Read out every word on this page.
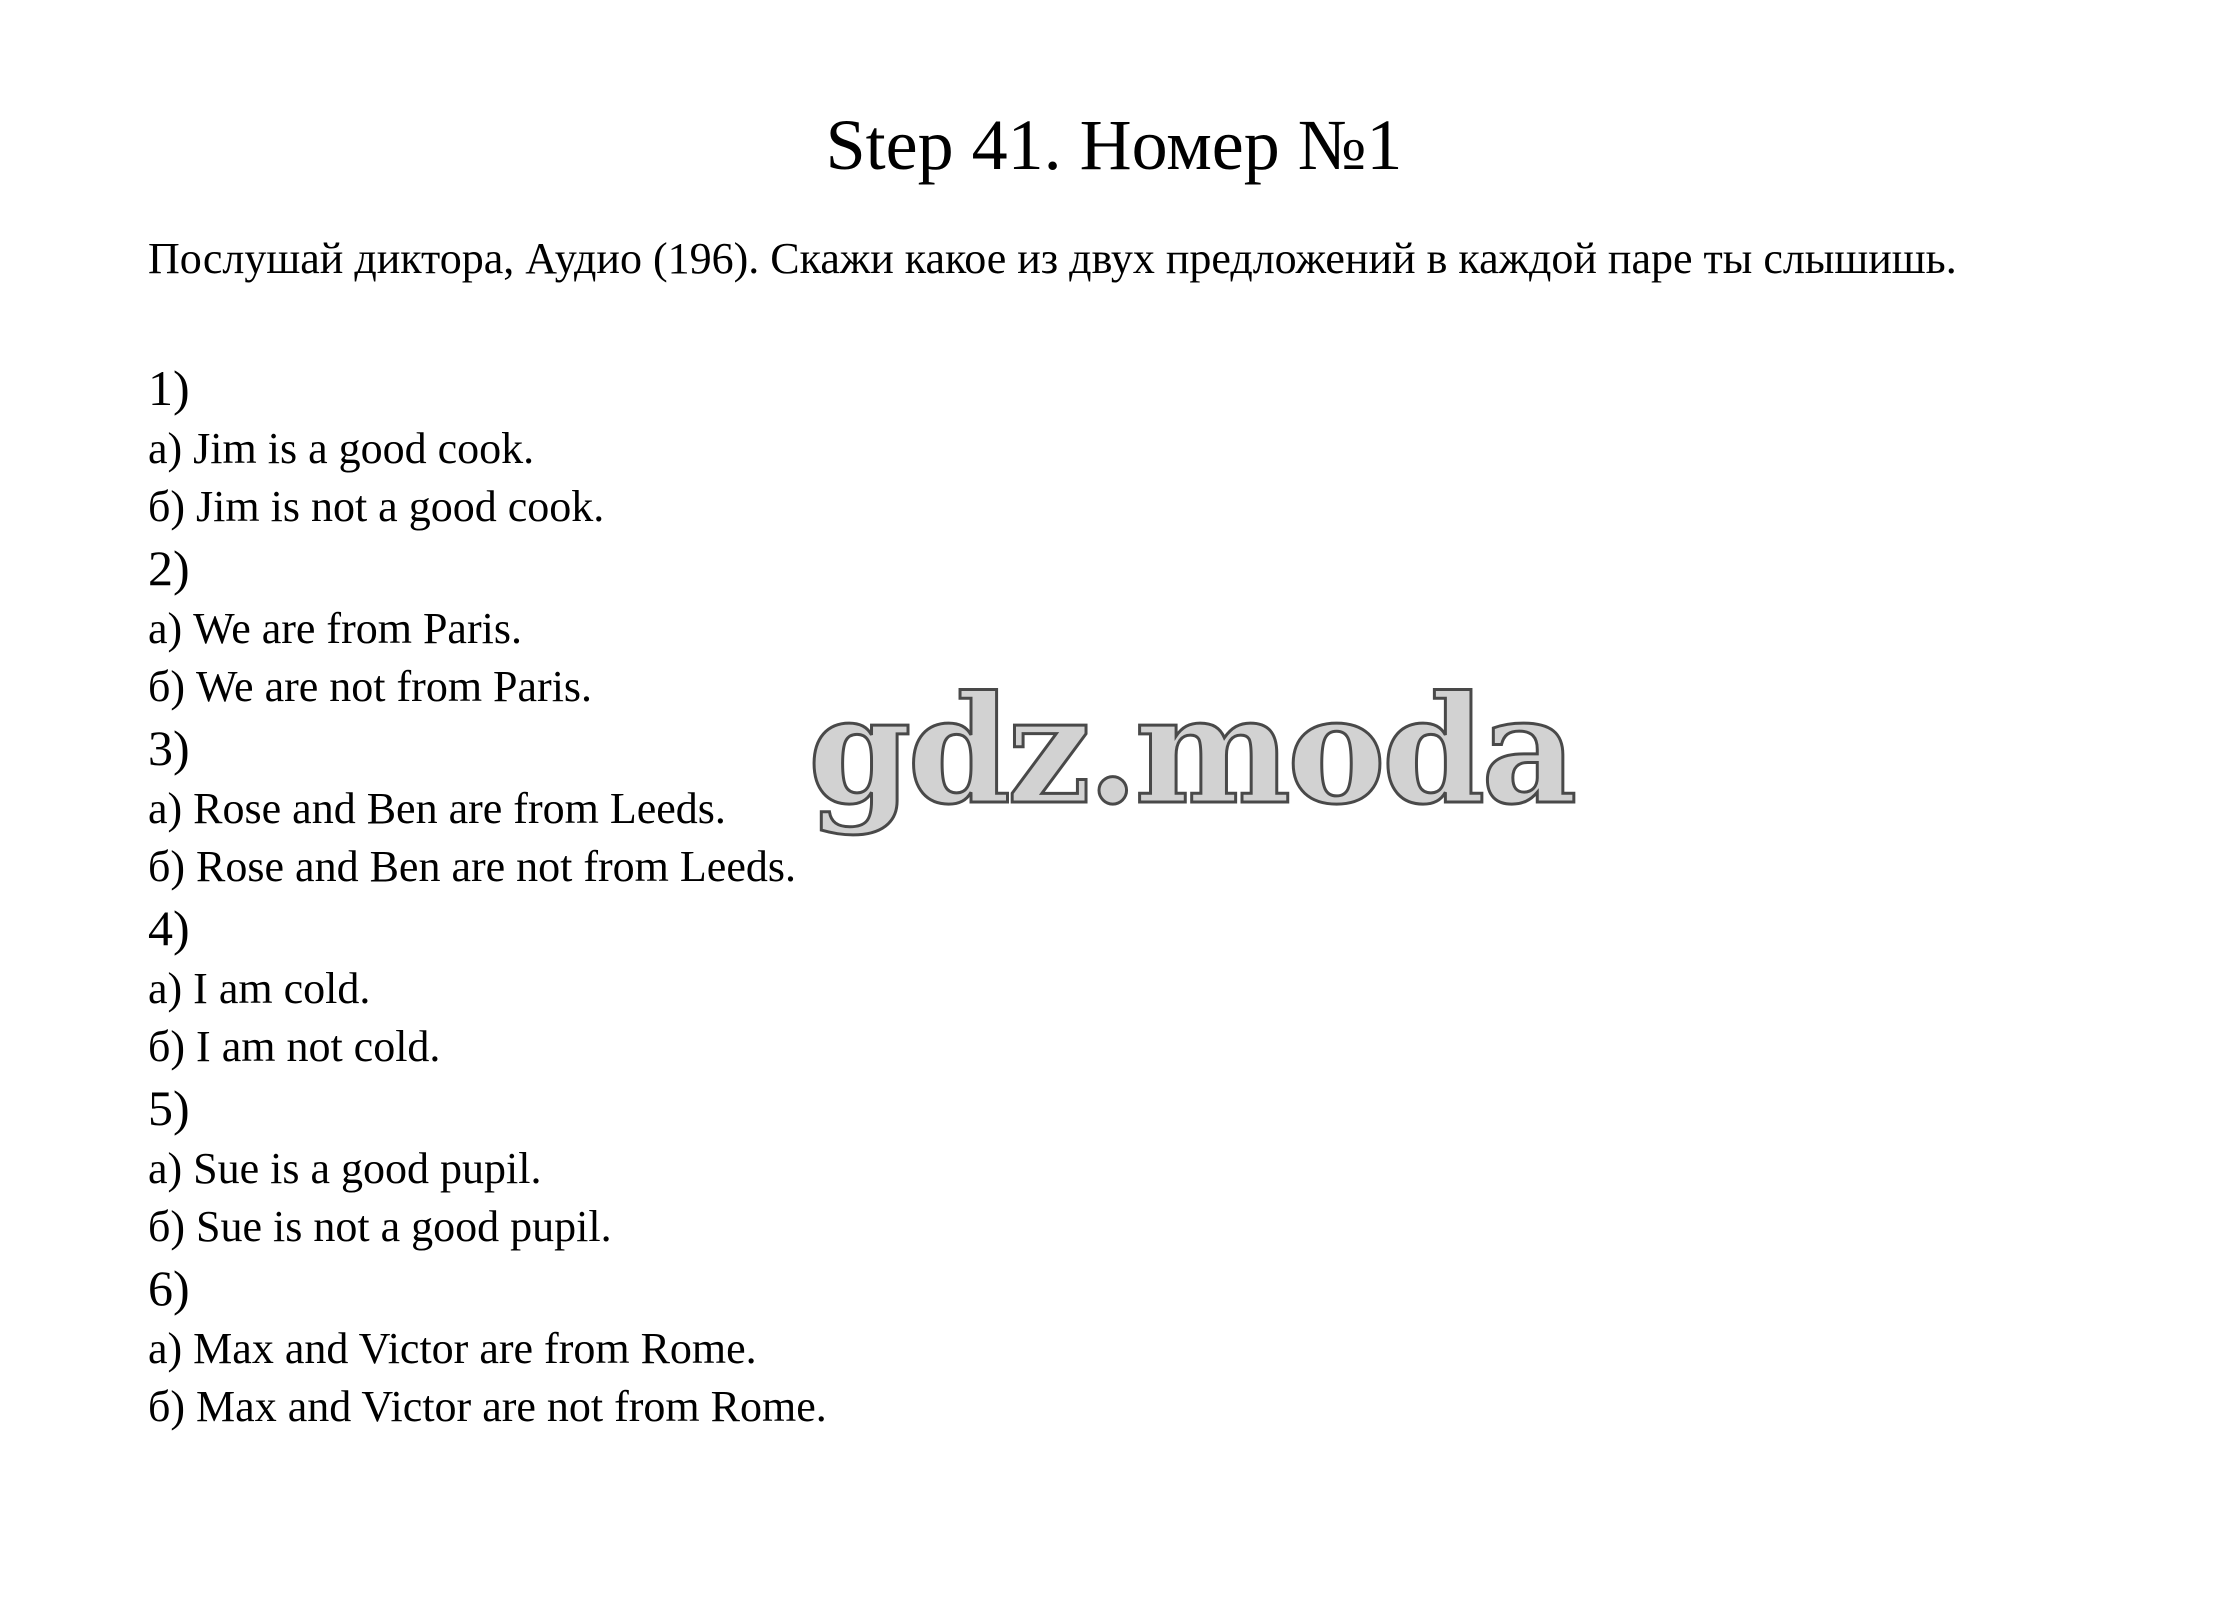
Step 41. Номер №1
Послушай диктора, Аудио (196). Скажи какое из двух предложений в каждой паре ты слышишь.
1)
а) Jim is a good cook.
б) Jim is not a good cook.
2)
а) We are from Paris.
б) We are not from Paris.
3)
а) Rose and Ben are from Leeds.
б) Rose and Ben are not from Leeds.
4)
а) I am cold.
б) I am not cold.
5)
а) Sue is a good pupil.
б) Sue is not a good pupil.
6)
а) Max and Victor are from Rome.
б) Max and Victor are not from Rome.
gdz.moda
